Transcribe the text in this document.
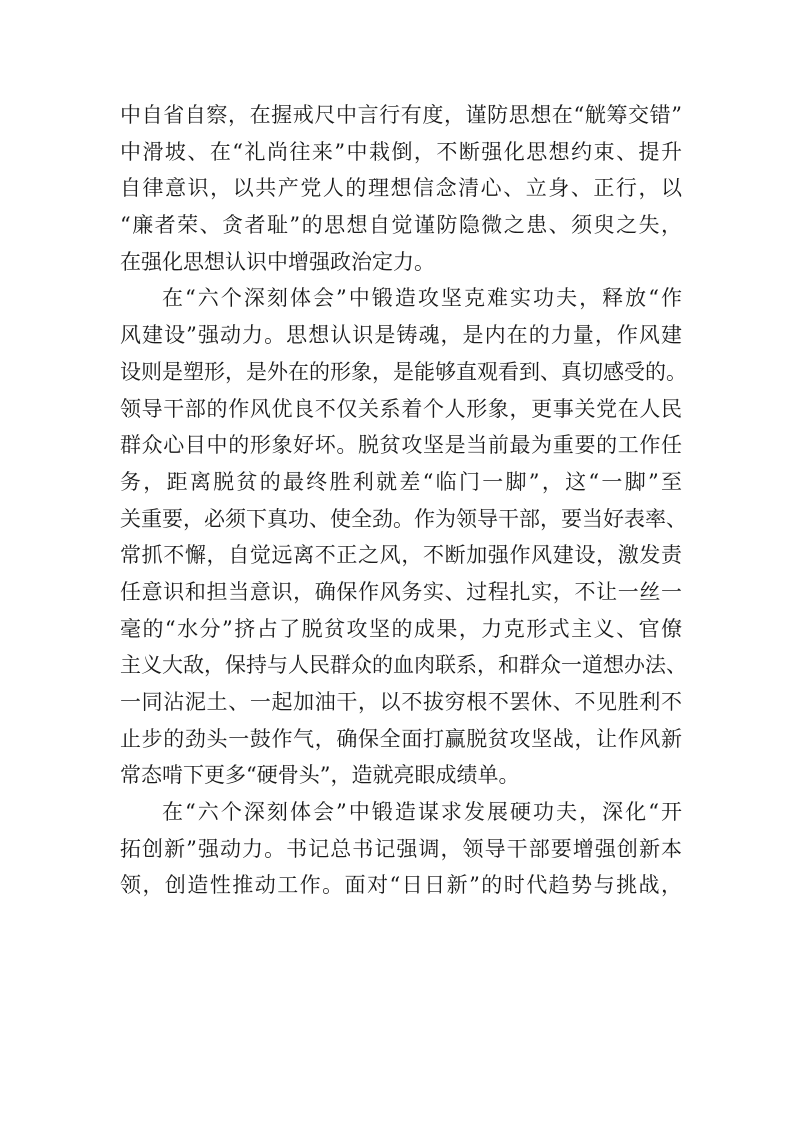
中自省自察，在握戒尺中言行有度，谨防思想在“觥筹交错”
中滑坡、在“礼尚往来”中栽倒，不断强化思想约束、提升
自律意识，以共产党人的理想信念清心、立身、正行，以
“廉者荣、贪者耻”的思想自觉谨防隐微之患、须臾之失，
在强化思想认识中增强政治定力。
在“六个深刻体会”中锻造攻坚克难实功夫，释放“作
风建设”强动力。思想认识是铸魂，是内在的力量，作风建
设则是塑形，是外在的形象，是能够直观看到、真切感受的。
领导干部的作风优良不仅关系着个人形象，更事关党在人民
群众心目中的形象好坏。脱贫攻坚是当前最为重要的工作任
务，距离脱贫的最终胜利就差“临门一脚”，这“一脚”至
关重要，必须下真功、使全劲。作为领导干部，要当好表率、
常抓不懈，自觉远离不正之风，不断加强作风建设，激发责
任意识和担当意识，确保作风务实、过程扎实，不让一丝一
毫的“水分”挤占了脱贫攻坚的成果，力克形式主义、官僚
主义大敌，保持与人民群众的血肉联系，和群众一道想办法、
一同沾泥土、一起加油干，以不拔穷根不罢休、不见胜利不
止步的劲头一鼓作气，确保全面打赢脱贫攻坚战，让作风新
常态啃下更多“硬骨头”，造就亮眼成绩单。
在“六个深刻体会”中锻造谋求发展硬功夫，深化“开
拓创新”强动力。书记总书记强调，领导干部要增强创新本
领，创造性推动工作。面对“日日新”的时代趋势与挑战，
